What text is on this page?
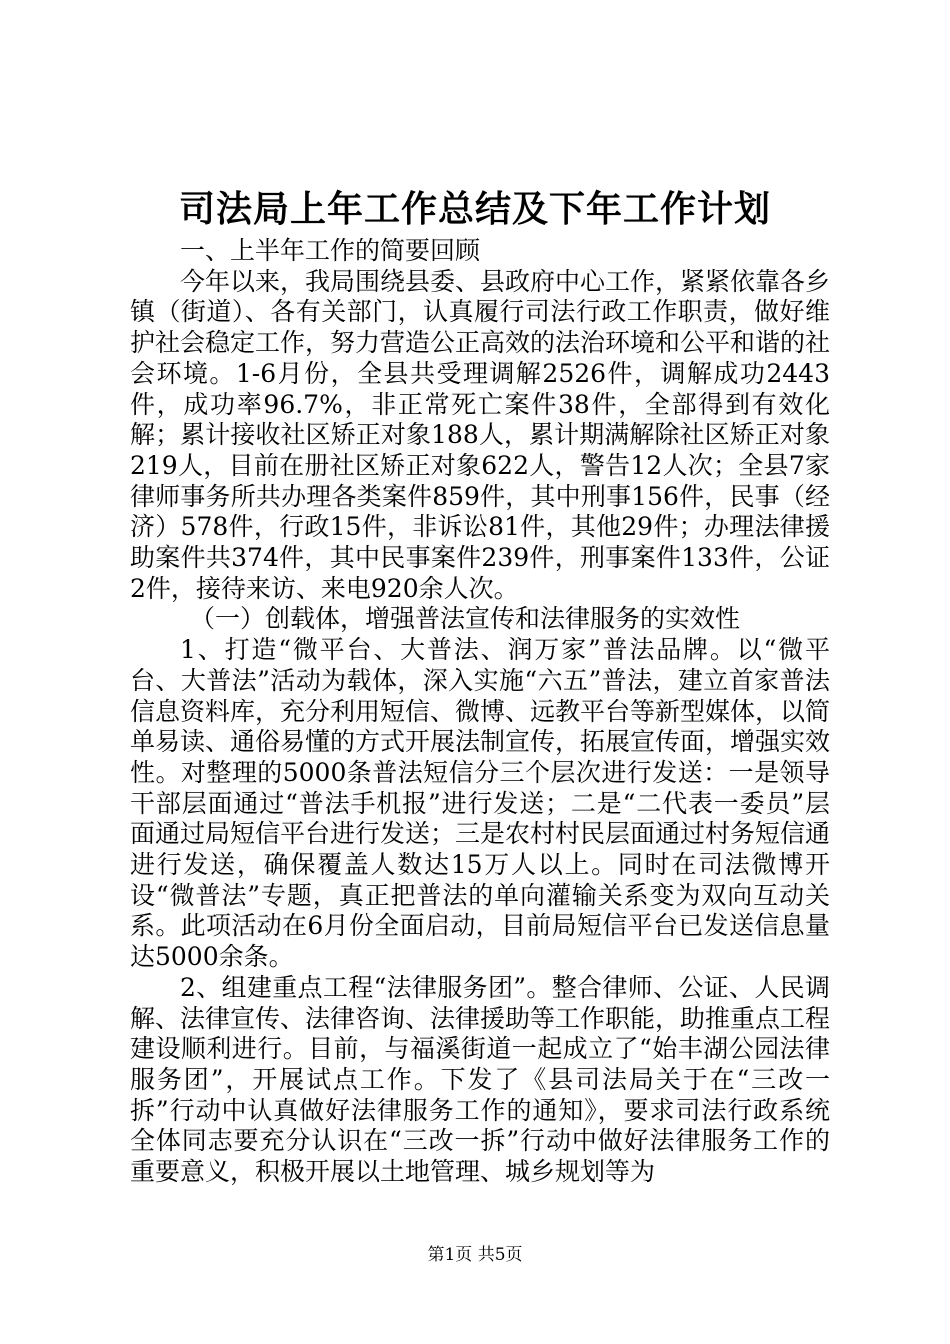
司法局上年工作总结及下年工作计划

一、上半年工作的简要回顾

今年以来，我局围绕县委、县政府中心工作，紧紧依靠各乡镇（街道）、各有关部门，认真履行司法行政工作职责，做好维护社会稳定工作，努力营造公正高效的法治环境和公平和谐的社会环境。1-6月份，全县共受理调解2526件，调解成功2443件，成功率96.7%，非正常死亡案件38件，全部得到有效化解；累计接收社区矫正对象188人，累计期满解除社区矫正对象219人，目前在册社区矫正对象622人，警告12人次；全县7家律师事务所共办理各类案件859件，其中刑事156件，民事（经济）578件，行政15件，非诉讼81件，其他29件；办理法律援助案件共374件，其中民事案件239件，刑事案件133件，公证2件，接待来访、来电920余人次。

（一）创载体，增强普法宣传和法律服务的实效性

1、打造“微平台、大普法、润万家”普法品牌。以“微平台、大普法”活动为载体，深入实施“六五”普法，建立首家普法信息资料库，充分利用短信、微博、远教平台等新型媒体，以简单易读、通俗易懂的方式开展法制宣传，拓展宣传面，增强实效性。对整理的5000条普法短信分三个层次进行发送：一是领导干部层面通过“普法手机报”进行发送；二是“二代表一委员”层面通过局短信平台进行发送；三是农村村民层面通过村务短信通进行发送，确保覆盖人数达15万人以上。同时在司法微博开设“微普法”专题，真正把普法的单向灌输关系变为双向互动关系。此项活动在6月份全面启动，目前局短信平台已发送信息量达5000余条。

2、组建重点工程“法律服务团”。整合律师、公证、人民调解、法律宣传、法律咨询、法律援助等工作职能，助推重点工程建设顺利进行。目前，与福溪街道一起成立了“始丰湖公园法律服务团”，开展试点工作。下发了《县司法局关于在“三改一拆”行动中认真做好法律服务工作的通知》，要求司法行政系统全体同志要充分认识在“三改一拆”行动中做好法律服务工作的重要意义，积极开展以土地管理、城乡规划等为

第1页 共5页
